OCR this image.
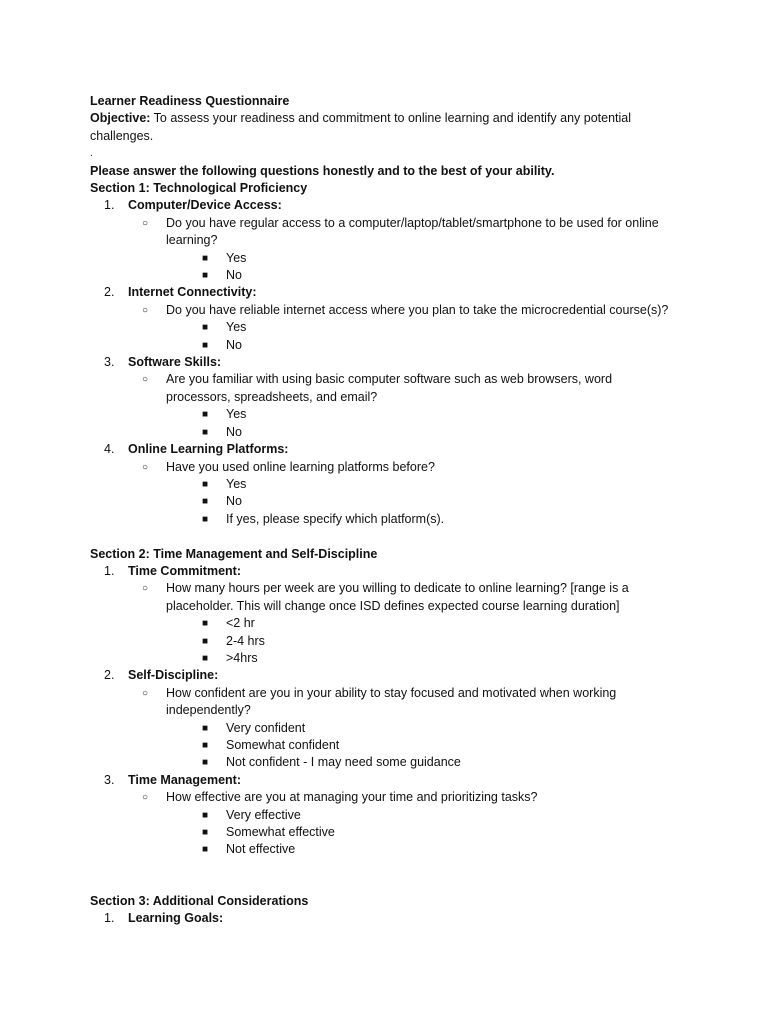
Learner Readiness Questionnaire
Objective: To assess your readiness and commitment to online learning and identify any potential challenges.
.
Please answer the following questions honestly and to the best of your ability.
Section 1: Technological Proficiency
1. Computer/Device Access:
○ Do you have regular access to a computer/laptop/tablet/smartphone to be used for online learning?
■ Yes
■ No
2. Internet Connectivity:
○ Do you have reliable internet access where you plan to take the microcredential course(s)?
■ Yes
■ No
3. Software Skills:
○ Are you familiar with using basic computer software such as web browsers, word processors, spreadsheets, and email?
■ Yes
■ No
4. Online Learning Platforms:
○ Have you used online learning platforms before?
■ Yes
■ No
■ If yes, please specify which platform(s).
Section 2: Time Management and Self-Discipline
1. Time Commitment:
○ How many hours per week are you willing to dedicate to online learning? [range is a placeholder. This will change once ISD defines expected course learning duration]
■ <2 hr
■ 2-4 hrs
■ >4hrs
2. Self-Discipline:
○ How confident are you in your ability to stay focused and motivated when working independently?
■ Very confident
■ Somewhat confident
■ Not confident - I may need some guidance
3. Time Management:
○ How effective are you at managing your time and prioritizing tasks?
■ Very effective
■ Somewhat effective
■ Not effective
Section 3: Additional Considerations
1. Learning Goals:
